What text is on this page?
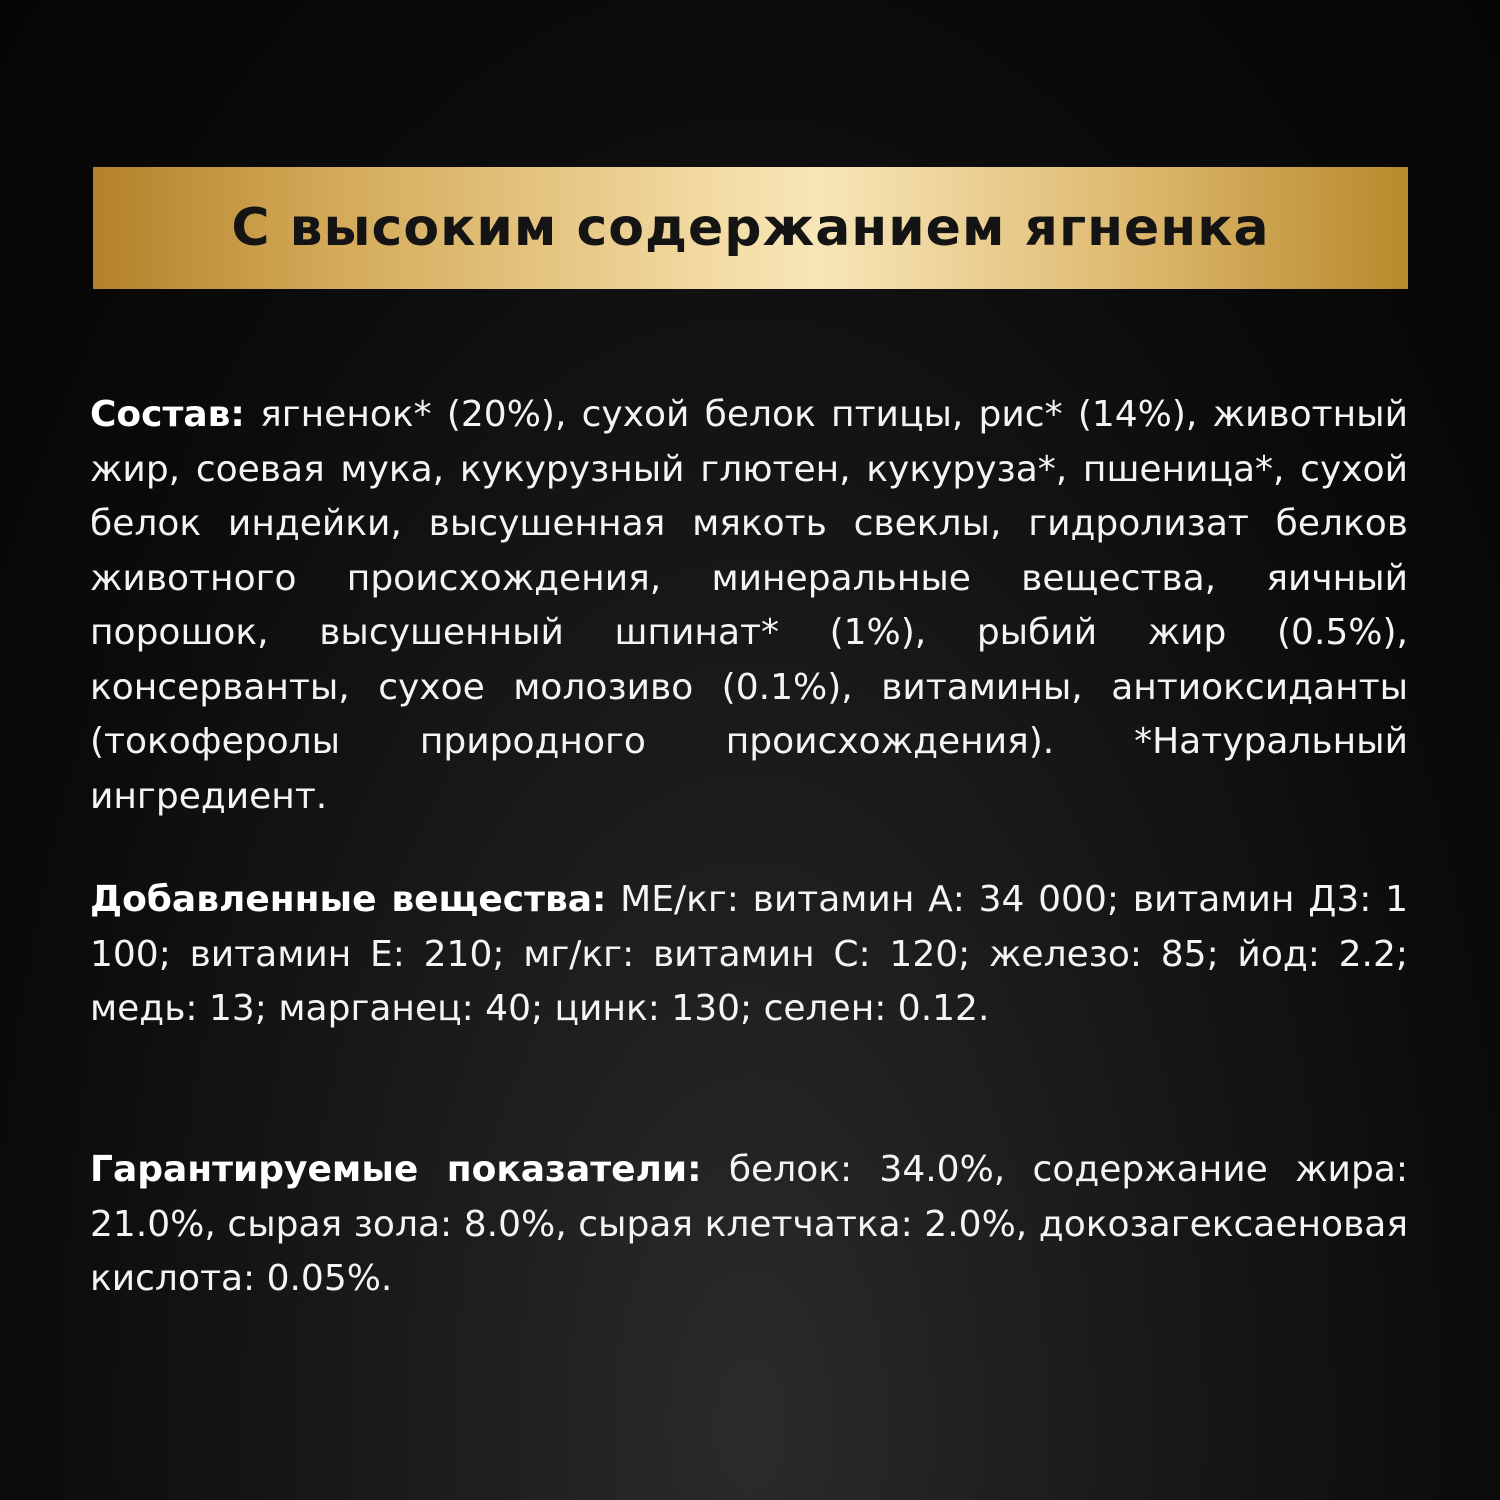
С высоким содержанием ягненка

Состав: ягненок* (20%), сухой белок птицы, рис* (14%), животный жир, соевая мука, кукурузный глютен, кукуруза*, пшеница*, сухой белок индейки, высушенная мякоть свеклы, гидролизат белков животного происхождения, минеральные вещества, яичный порошок, высушенный шпинат* (1%), рыбий жир (0.5%), консерванты, сухое молозиво (0.1%), витамины, антиоксиданты (токоферолы природного происхождения). *Натуральный ингредиент.

Добавленные вещества: МЕ/кг: витамин А: 34 000; витамин Д3: 1 100; витамин Е: 210; мг/кг: витамин С: 120; железо: 85; йод: 2.2; медь: 13; марганец: 40; цинк: 130; селен: 0.12.

Гарантируемые показатели: белок: 34.0%, содержание жира: 21.0%, сырая зола: 8.0%, сырая клетчатка: 2.0%, докозагексаеновая кислота: 0.05%.
